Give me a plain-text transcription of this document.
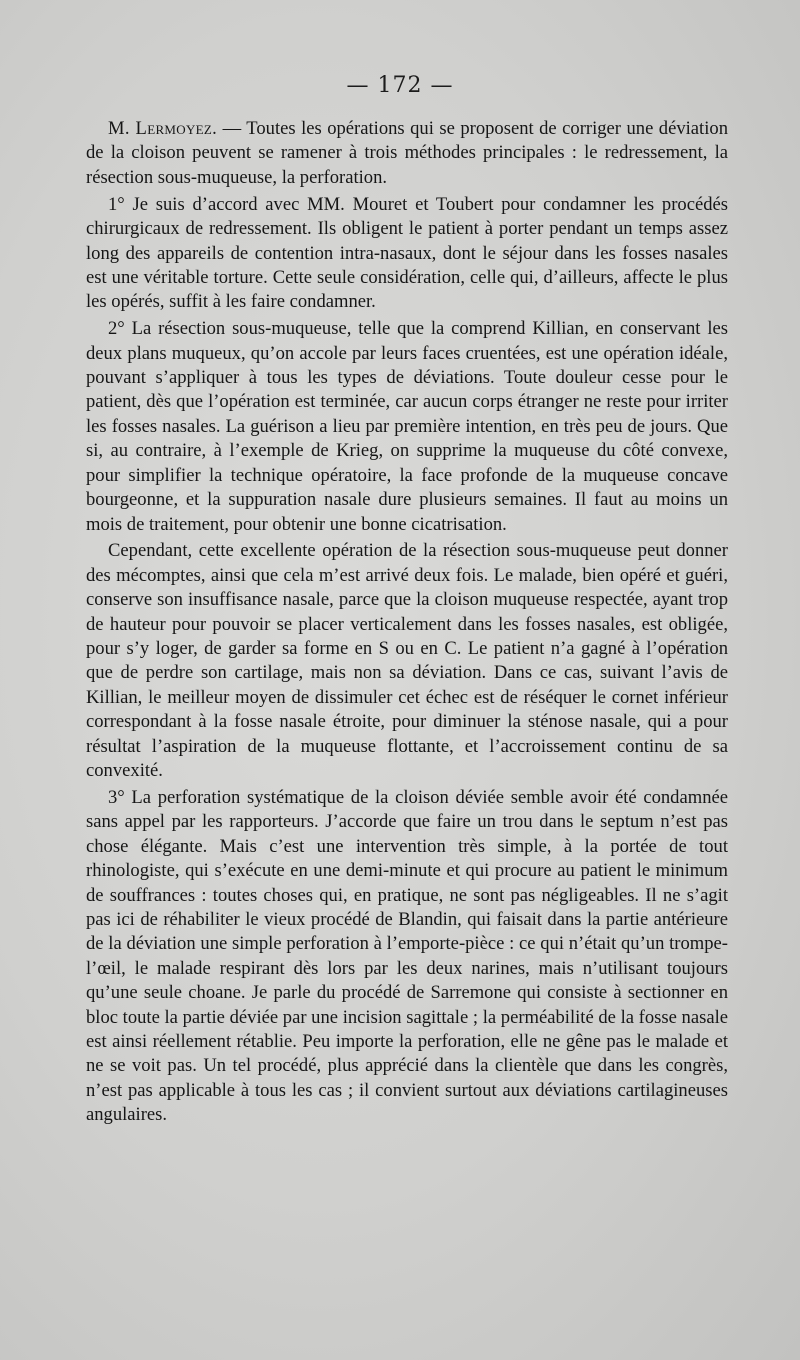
— 172 —

M. Lermoyez. — Toutes les opérations qui se proposent de corriger une déviation de la cloison peuvent se ramener à trois méthodes principales : le redressement, la résection sous-muqueuse, la perforation.

1° Je suis d’accord avec MM. Mouret et Toubert pour condamner les procédés chirurgicaux de redressement. Ils obligent le patient à porter pendant un temps assez long des appareils de contention intra-nasaux, dont le séjour dans les fosses nasales est une véritable torture. Cette seule considération, celle qui, d’ailleurs, affecte le plus les opérés, suffit à les faire condamner.

2° La résection sous-muqueuse, telle que la comprend Killian, en conservant les deux plans muqueux, qu’on accole par leurs faces cruentées, est une opération idéale, pouvant s’appliquer à tous les types de déviations. Toute douleur cesse pour le patient, dès que l’opération est terminée, car aucun corps étranger ne reste pour irriter les fosses nasales. La guérison a lieu par première intention, en très peu de jours. Que si, au contraire, à l’exemple de Krieg, on supprime la muqueuse du côté convexe, pour simplifier la technique opératoire, la face profonde de la muqueuse concave bourgeonne, et la suppuration nasale dure plusieurs semaines. Il faut au moins un mois de traitement, pour obtenir une bonne cicatrisation.

Cependant, cette excellente opération de la résection sous-muqueuse peut donner des mécomptes, ainsi que cela m’est arrivé deux fois. Le malade, bien opéré et guéri, conserve son insuffisance nasale, parce que la cloison muqueuse respectée, ayant trop de hauteur pour pouvoir se placer verticalement dans les fosses nasales, est obligée, pour s’y loger, de garder sa forme en S ou en C. Le patient n’a gagné à l’opération que de perdre son cartilage, mais non sa déviation. Dans ce cas, suivant l’avis de Killian, le meilleur moyen de dissimuler cet échec est de réséquer le cornet inférieur correspondant à la fosse nasale étroite, pour diminuer la sténose nasale, qui a pour résultat l’aspiration de la muqueuse flottante, et l’accroissement continu de sa convexité.

3° La perforation systématique de la cloison déviée semble avoir été condamnée sans appel par les rapporteurs. J’accorde que faire un trou dans le septum n’est pas chose élégante. Mais c’est une intervention très simple, à la portée de tout rhinologiste, qui s’exécute en une demi-minute et qui procure au patient le minimum de souffrances : toutes choses qui, en pratique, ne sont pas négligeables. Il ne s’agit pas ici de réhabiliter le vieux procédé de Blandin, qui faisait dans la partie antérieure de la déviation une simple perforation à l’emporte-pièce : ce qui n’était qu’un trompe-l’œil, le malade respirant dès lors par les deux narines, mais n’utilisant toujours qu’une seule choane. Je parle du procédé de Sarremone qui consiste à sectionner en bloc toute la partie déviée par une incision sagittale ; la perméabilité de la fosse nasale est ainsi réellement rétablie. Peu importe la perforation, elle ne gêne pas le malade et ne se voit pas. Un tel procédé, plus apprécié dans la clientèle que dans les congrès, n’est pas applicable à tous les cas ; il convient surtout aux déviations cartilagineuses angulaires.
